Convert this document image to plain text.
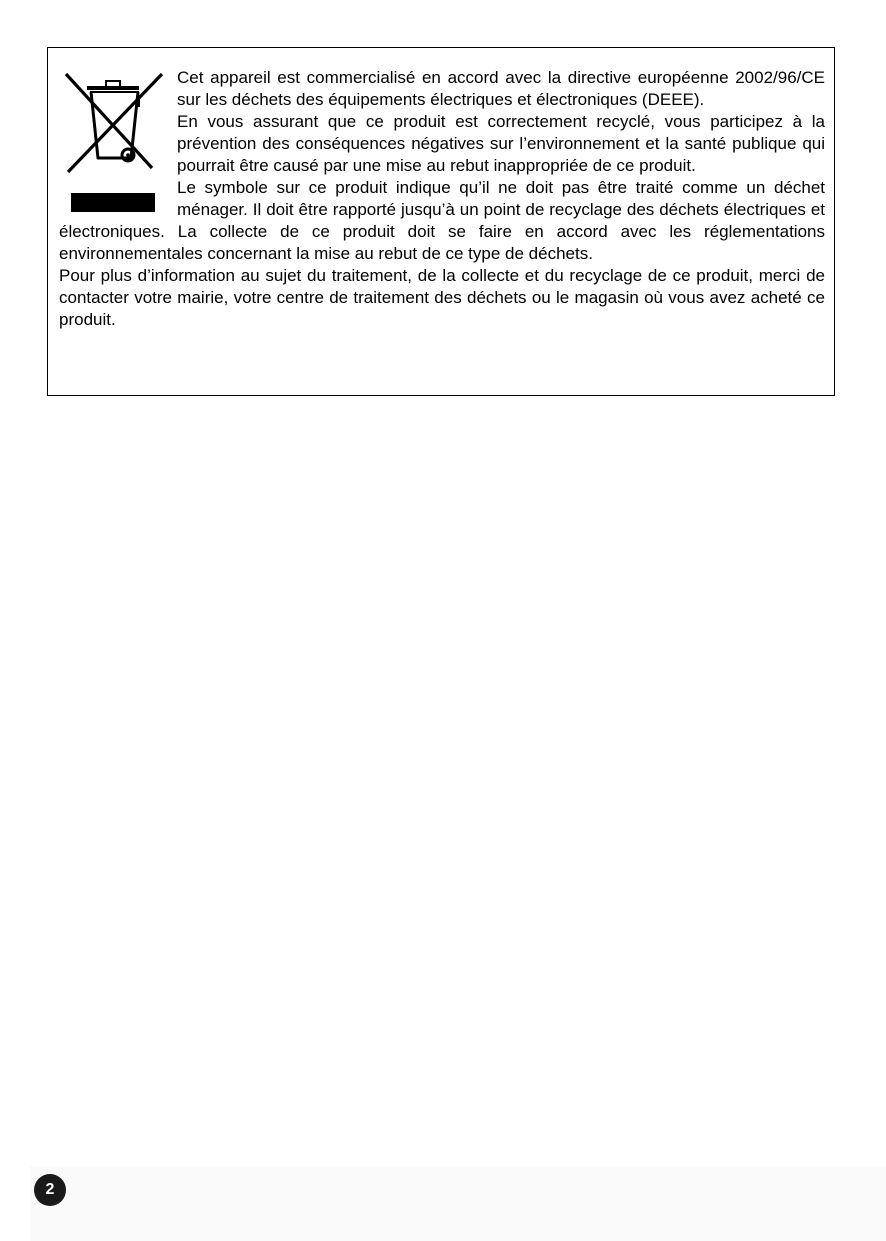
Cet appareil est commercialisé en accord avec la directive européenne 2002/96/CE sur les déchets des équipements électriques et électroniques (DEEE).

En vous assurant que ce produit est correctement recyclé, vous participez à la prévention des conséquences négatives sur l’environnement et la santé publique qui pourrait être causé par une mise au rebut inappropriée de ce produit.

Le symbole sur ce produit indique qu’il ne doit pas être traité comme un déchet ménager. Il doit être rapporté jusqu’à un point de recyclage des déchets électriques et électroniques. La collecte de ce produit doit se faire en accord avec les réglementations environnementales concernant la mise au rebut de ce type de déchets.

Pour plus d’information au sujet du traitement, de la collecte et du recyclage de ce produit, merci de contacter votre mairie, votre centre de traitement des déchets ou le magasin où vous avez acheté ce produit.

2
